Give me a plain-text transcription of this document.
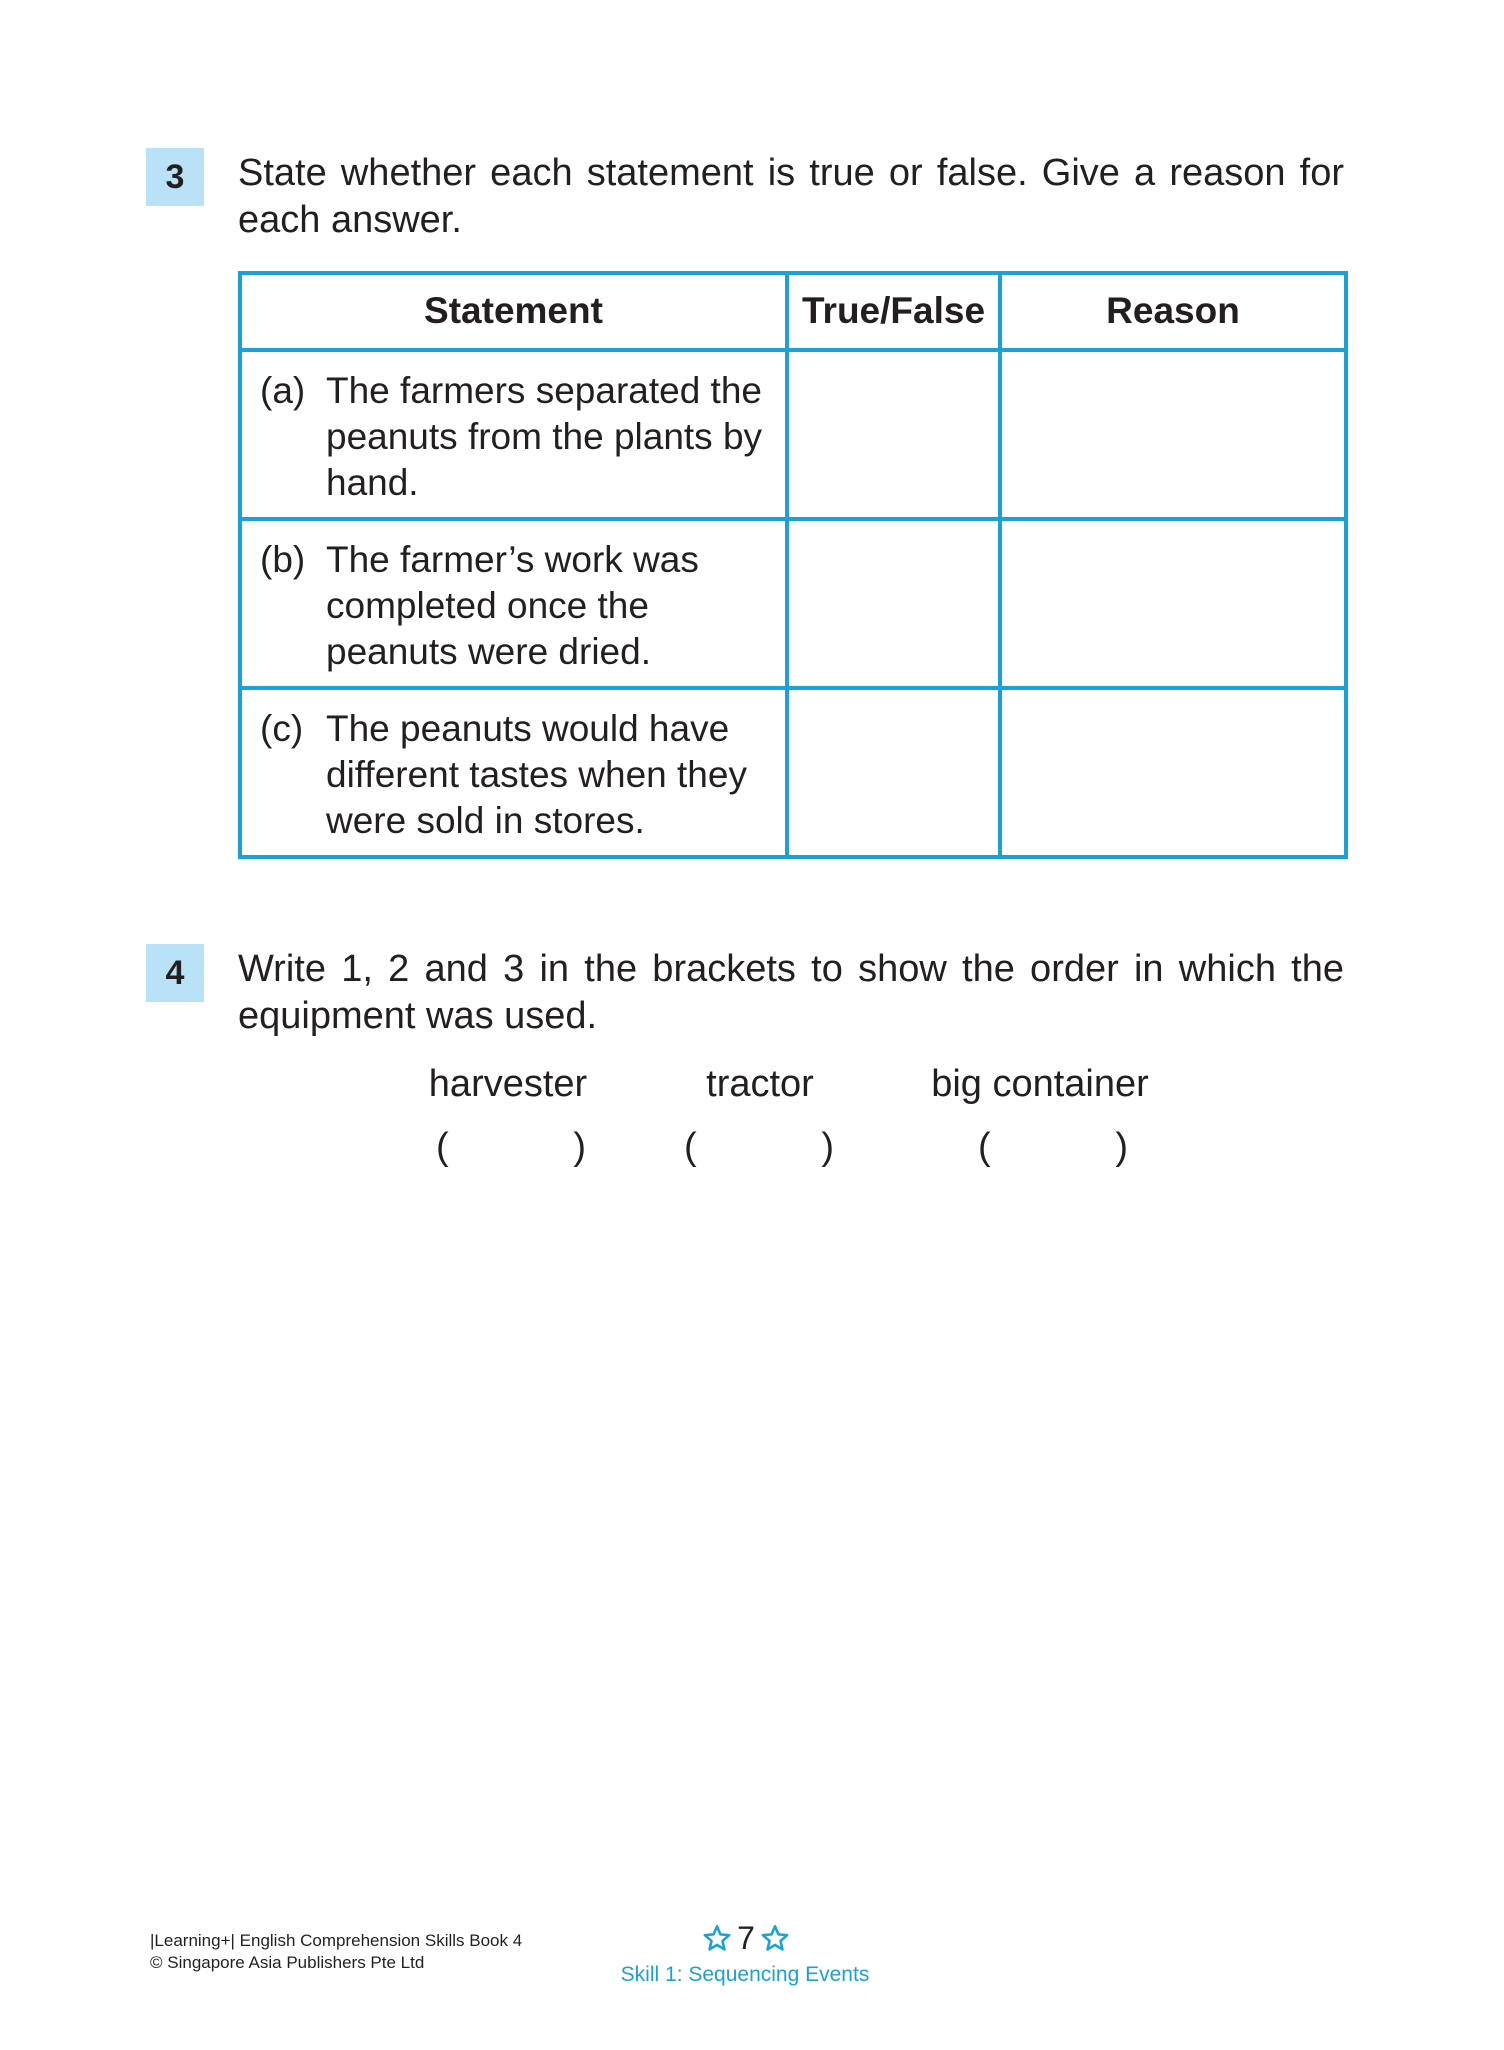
3 State whether each statement is true or false. Give a reason for each answer.
Statement	True/False	Reason

(a) The farmers separated the peanuts from the plants by hand.		

(b) The farmer’s work was completed once the peanuts were dried.		

(c) The peanuts would have different tastes when they were sold in stores.		

4 Write 1, 2 and 3 in the brackets to show the order in which the equipment was used.
harvester	tractor	big container
(	)	(	)	(	)
|Learning+| English Comprehension Skills Book 4
© Singapore Asia Publishers Pte Ltd
7
Skill 1: Sequencing Events
